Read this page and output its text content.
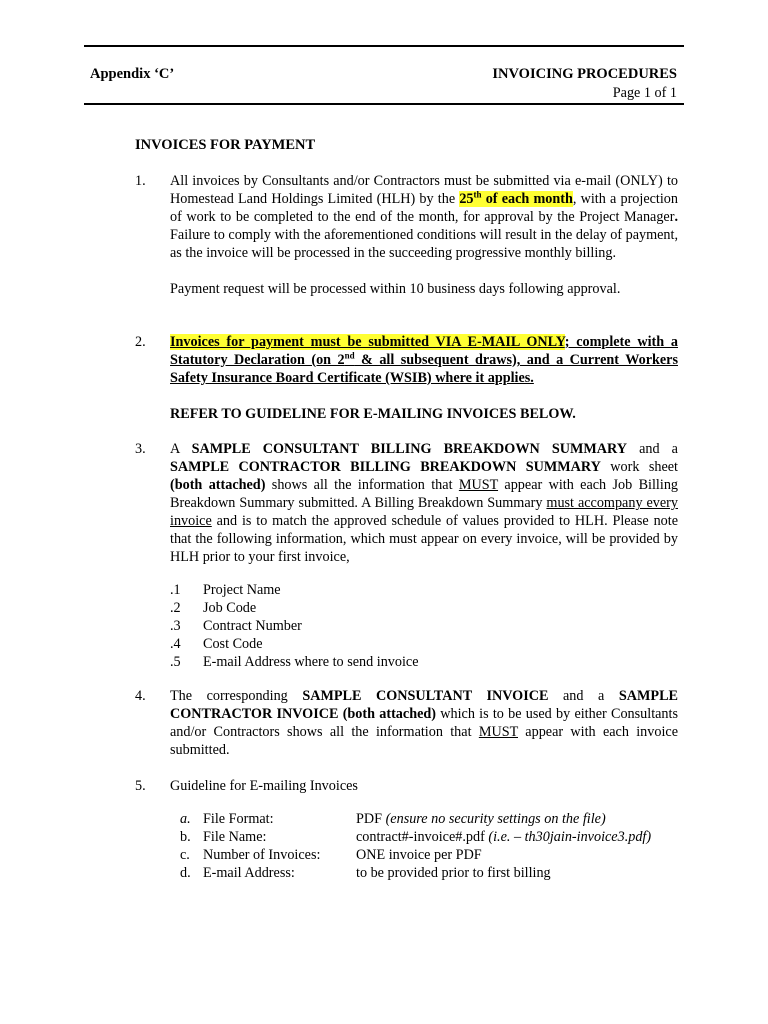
Appendix ‘C’	INVOICING PROCEDURES
Page 1 of 1
INVOICES FOR PAYMENT
1. All invoices by Consultants and/or Contractors must be submitted via e-mail (ONLY) to Homestead Land Holdings Limited (HLH) by the 25th of each month, with a projection of work to be completed to the end of the month, for approval by the Project Manager. Failure to comply with the aforementioned conditions will result in the delay of payment, as the invoice will be processed in the succeeding progressive monthly billing.

Payment request will be processed within 10 business days following approval.

2. Invoices for payment must be submitted VIA E-MAIL ONLY; complete with a Statutory Declaration (on 2nd & all subsequent draws), and a Current Workers Safety Insurance Board Certificate (WSIB) where it applies.

REFER TO GUIDELINE FOR E-MAILING INVOICES BELOW.

3. A SAMPLE CONSULTANT BILLING BREAKDOWN SUMMARY and a SAMPLE CONTRACTOR BILLING BREAKDOWN SUMMARY work sheet (both attached) shows all the information that MUST appear with each Job Billing Breakdown Summary submitted. A Billing Breakdown Summary must accompany every invoice and is to match the approved schedule of values provided to HLH. Please note that the following information, which must appear on every invoice, will be provided by HLH prior to your first invoice,

.1	Project Name
.2	Job Code
.3	Contract Number
.4	Cost Code
.5	E-mail Address where to send invoice
4. The corresponding SAMPLE CONSULTANT INVOICE and a SAMPLE CONTRACTOR INVOICE (both attached) which is to be used by either Consultants and/or Contractors shows all the information that MUST appear with each invoice submitted.

5. Guideline for E-mailing Invoices

a. File Format:	PDF (ensure no security settings on the file)
b. File Name:	contract#-invoice#.pdf (i.e. – th30jain-invoice3.pdf)
c. Number of Invoices:	ONE invoice per PDF
d. E-mail Address:	to be provided prior to first billing
